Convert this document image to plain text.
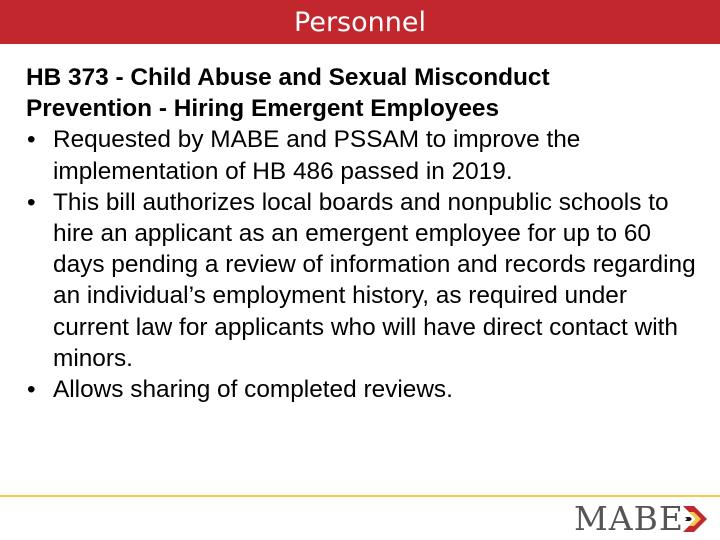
Personnel

HB 373 - Child Abuse and Sexual Misconduct
Prevention - Hiring Emergent Employees

• Requested by MABE and PSSAM to improve the implementation of HB 486 passed in 2019.
• This bill authorizes local boards and nonpublic schools to hire an applicant as an emergent employee for up to 60 days pending a review of information and records regarding an individual’s employment history, as required under current law for applicants who will have direct contact with minors.
• Allows sharing of completed reviews.
MABE
